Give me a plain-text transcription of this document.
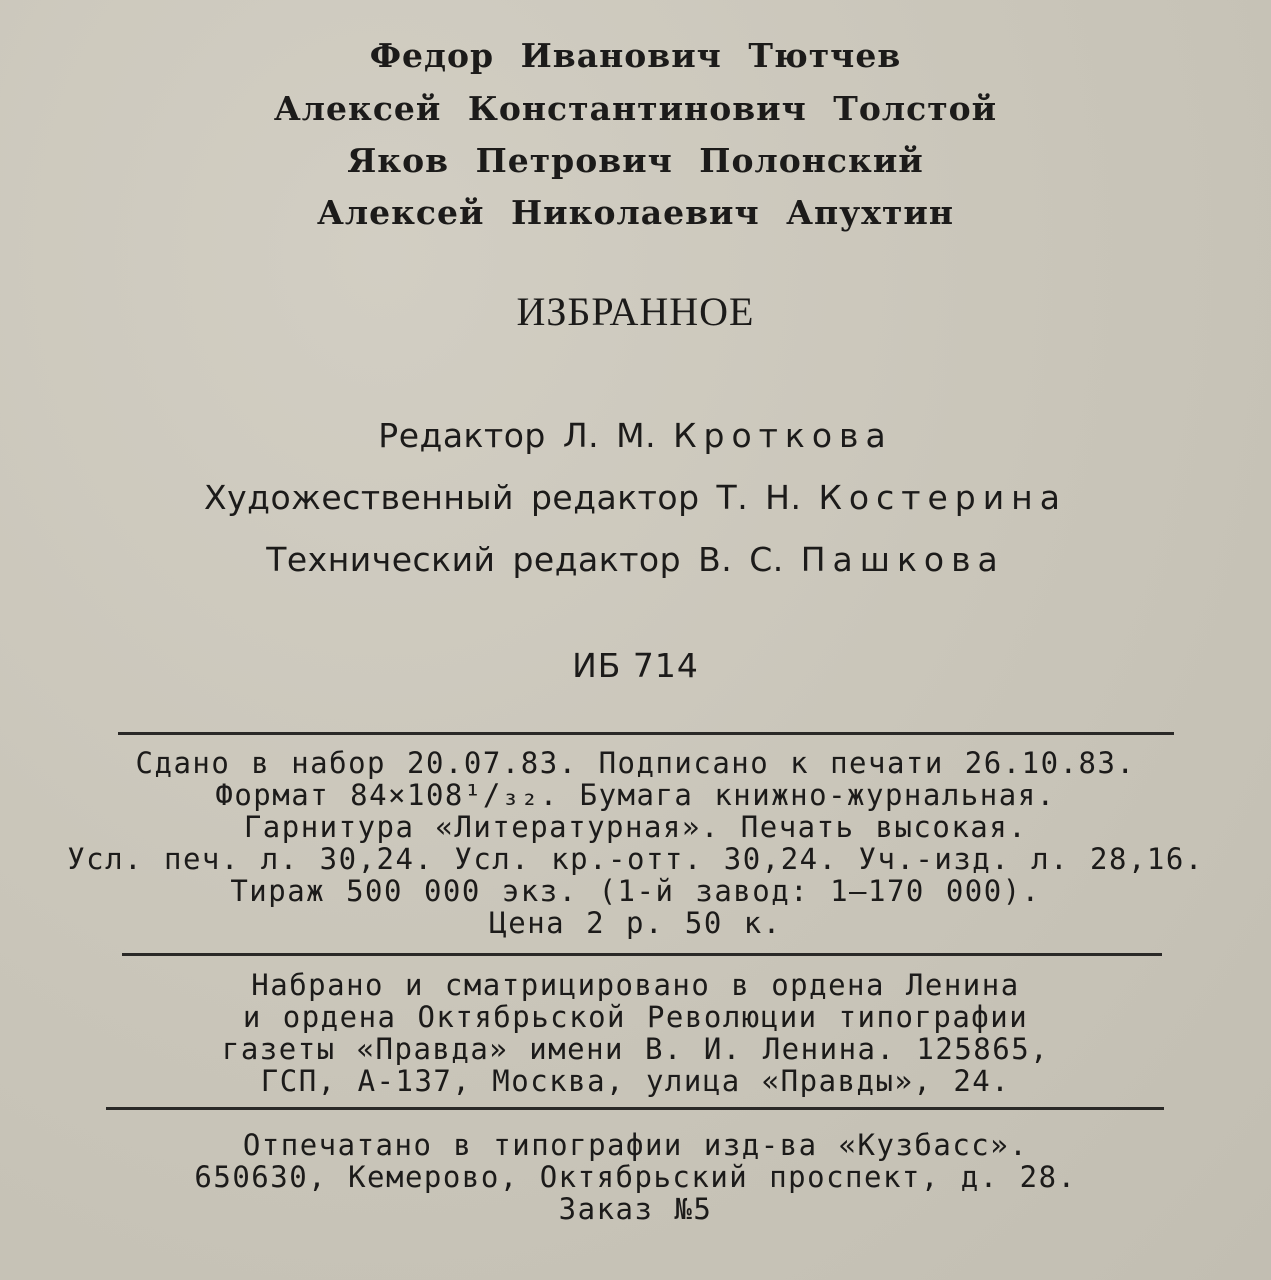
Федор Иванович Тютчев
Алексей Константинович Толстой
Яков Петрович Полонский
Алексей Николаевич Апухтин
ИЗБРАННОЕ
Редактор Л. М. Кроткова
Художественный редактор Т. Н. Костерина
Технический редактор В. С. Пашкова
ИБ 714
Сдано в набор 20.07.83. Подписано к печати 26.10.83.
Формат 84×108¹/₃₂. Бумага книжно-журнальная.
Гарнитура «Литературная». Печать высокая.
Усл. печ. л. 30,24. Усл. кр.-отт. 30,24. Уч.-изд. л. 28,16.
Тираж 500 000 экз. (1-й завод: 1—170 000).
Цена 2 р. 50 к.
Набрано и сматрицировано в ордена Ленина
и ордена Октябрьской Революции типографии
газеты «Правда» имени В. И. Ленина. 125865,
ГСП, А-137, Москва, улица «Правды», 24.
Отпечатано в типографии изд-ва «Кузбасс».
650630, Кемерово, Октябрьский проспект, д. 28.
Заказ №5
